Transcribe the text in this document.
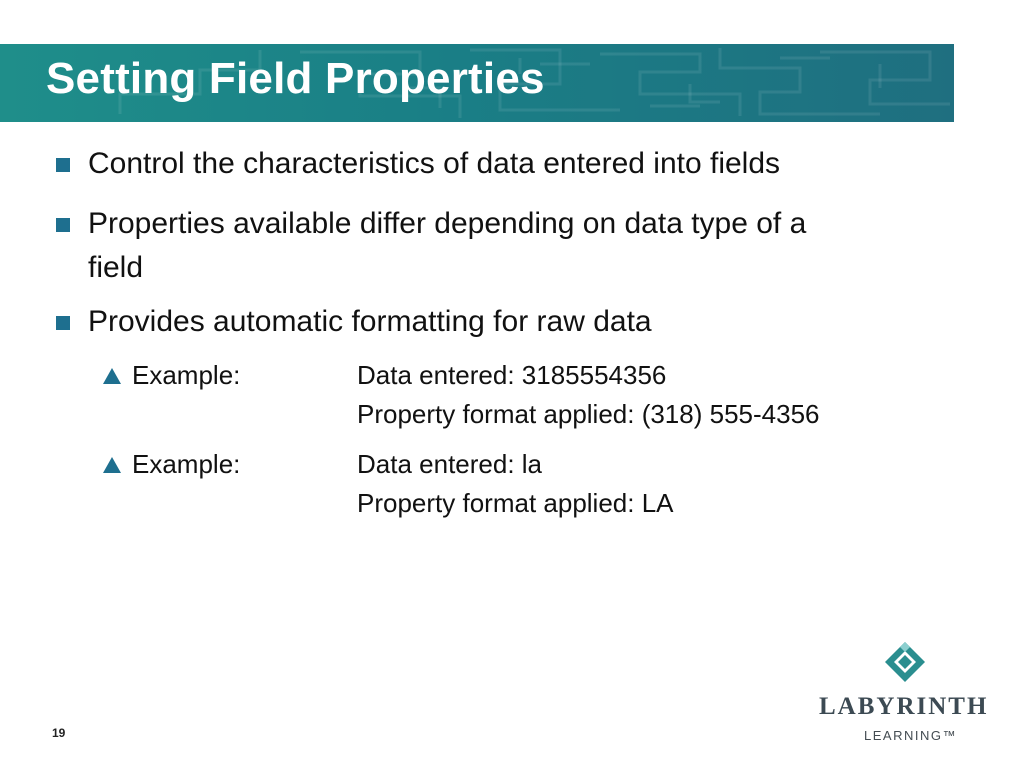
Setting Field Properties
Control the characteristics of data entered into fields
Properties available differ depending on data type of a
field
Provides automatic formatting for raw data
Example:	Data entered: 3185554356
Property format applied: (318) 555-4356
Example:	Data entered: la
Property format applied: LA
19
LABYRINTH
LEARNING™
